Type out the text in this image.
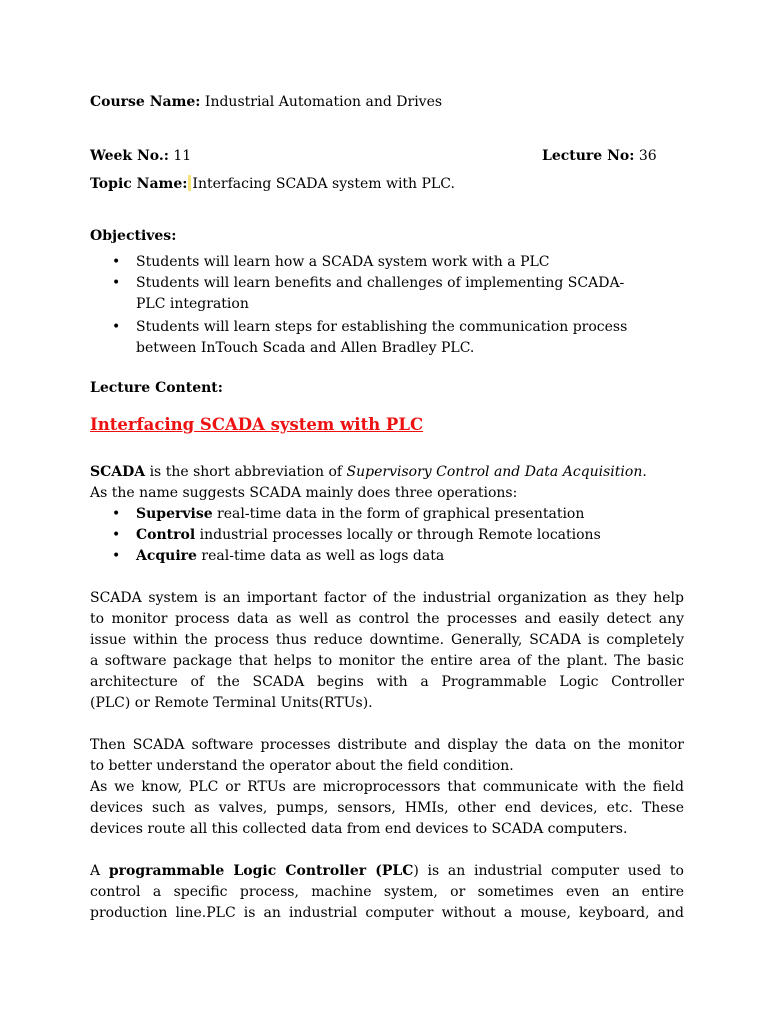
Course Name: Industrial Automation and Drives
Week No.: 11	Lecture No: 36
Topic Name: Interfacing SCADA system with PLC.
Objectives:
• Students will learn how a SCADA system work with a PLC
• Students will learn benefits and challenges of implementing SCADA-
PLC integration
• Students will learn steps for establishing the communication process
between InTouch Scada and Allen Bradley PLC.
Lecture Content:
Interfacing SCADA system with PLC
SCADA is the short abbreviation of Supervisory Control and Data Acquisition.
As the name suggests SCADA mainly does three operations:
• Supervise real-time data in the form of graphical presentation
• Control industrial processes locally or through Remote locations
• Acquire real-time data as well as logs data
SCADA system is an important factor of the industrial organization as they help
to monitor process data as well as control the processes and easily detect any
issue within the process thus reduce downtime. Generally, SCADA is completely
a software package that helps to monitor the entire area of the plant. The basic
architecture of the SCADA begins with a Programmable Logic Controller
(PLC) or Remote Terminal Units(RTUs).
Then SCADA software processes distribute and display the data on the monitor
to better understand the operator about the field condition.
As we know, PLC or RTUs are microprocessors that communicate with the field
devices such as valves, pumps, sensors, HMIs, other end devices, etc. These
devices route all this collected data from end devices to SCADA computers.
A programmable Logic Controller (PLC) is an industrial computer used to
control a specific process, machine system, or sometimes even an entire
production line.PLC is an industrial computer without a mouse, keyboard, and
